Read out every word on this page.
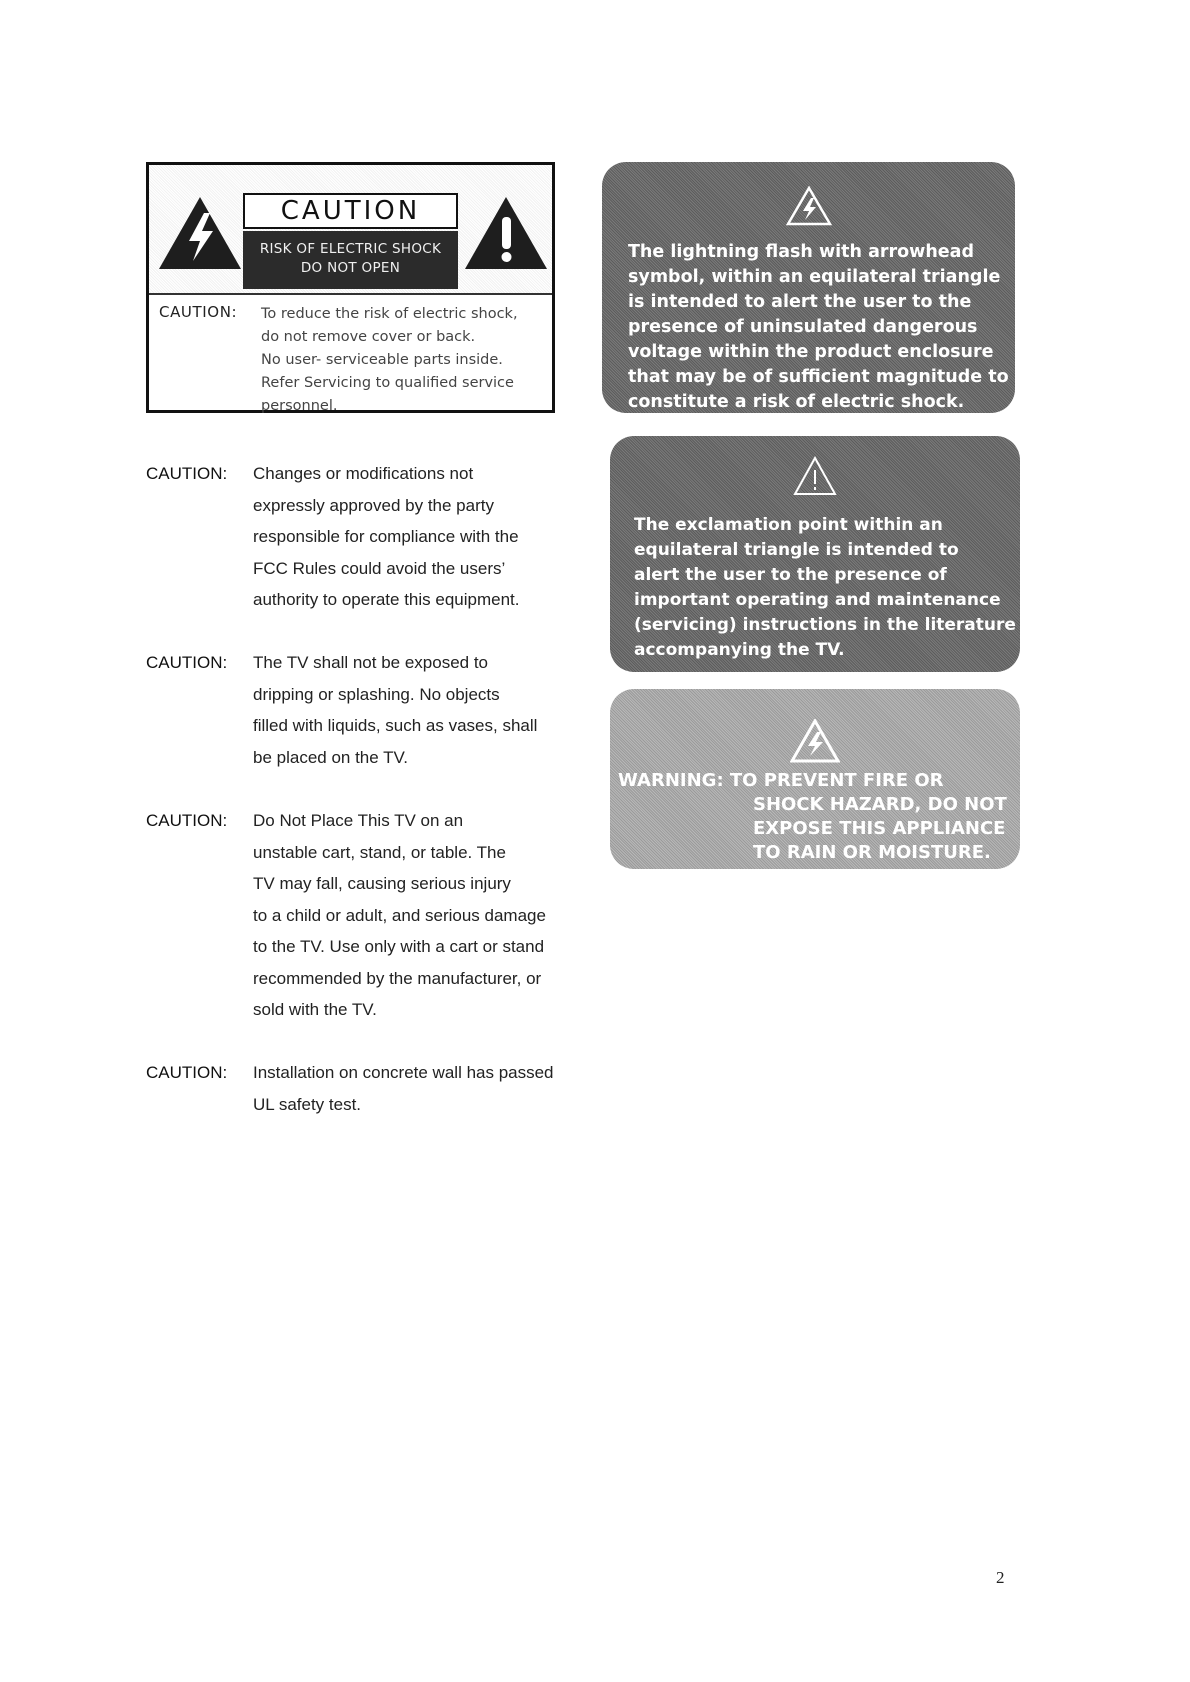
CAUTION
RISK OF ELECTRIC SHOCK
DO NOT OPEN
CAUTION: To reduce the risk of electric shock,
do not remove cover or back.
No user- serviceable parts inside.
Refer Servicing to qualified service
personnel.
The lightning flash with arrowhead
symbol, within an equilateral triangle
is intended to alert the user to the
presence of uninsulated dangerous
voltage within the product enclosure
that may be of sufficient magnitude to
constitute a risk of electric shock.
The exclamation point within an
equilateral triangle is intended to
alert the user to the presence of
important operating and maintenance
(servicing) instructions in the literature
accompanying the TV.
WARNING: TO PREVENT FIRE OR
SHOCK HAZARD, DO NOT
EXPOSE THIS APPLIANCE
TO RAIN OR MOISTURE.
CAUTION: Changes or modifications not
expressly approved by the party
responsible for compliance with the
FCC Rules could avoid the users’
authority to operate this equipment.
CAUTION: The TV shall not be exposed to
dripping or splashing. No objects
filled with liquids, such as vases, shall
be placed on the TV.
CAUTION: Do Not Place This TV on an
unstable cart, stand, or table. The
TV may fall, causing serious injury
to a child or adult, and serious damage
to the TV. Use only with a cart or stand
recommended by the manufacturer, or
sold with the TV.
CAUTION: Installation on concrete wall has passed
UL safety test.
2
